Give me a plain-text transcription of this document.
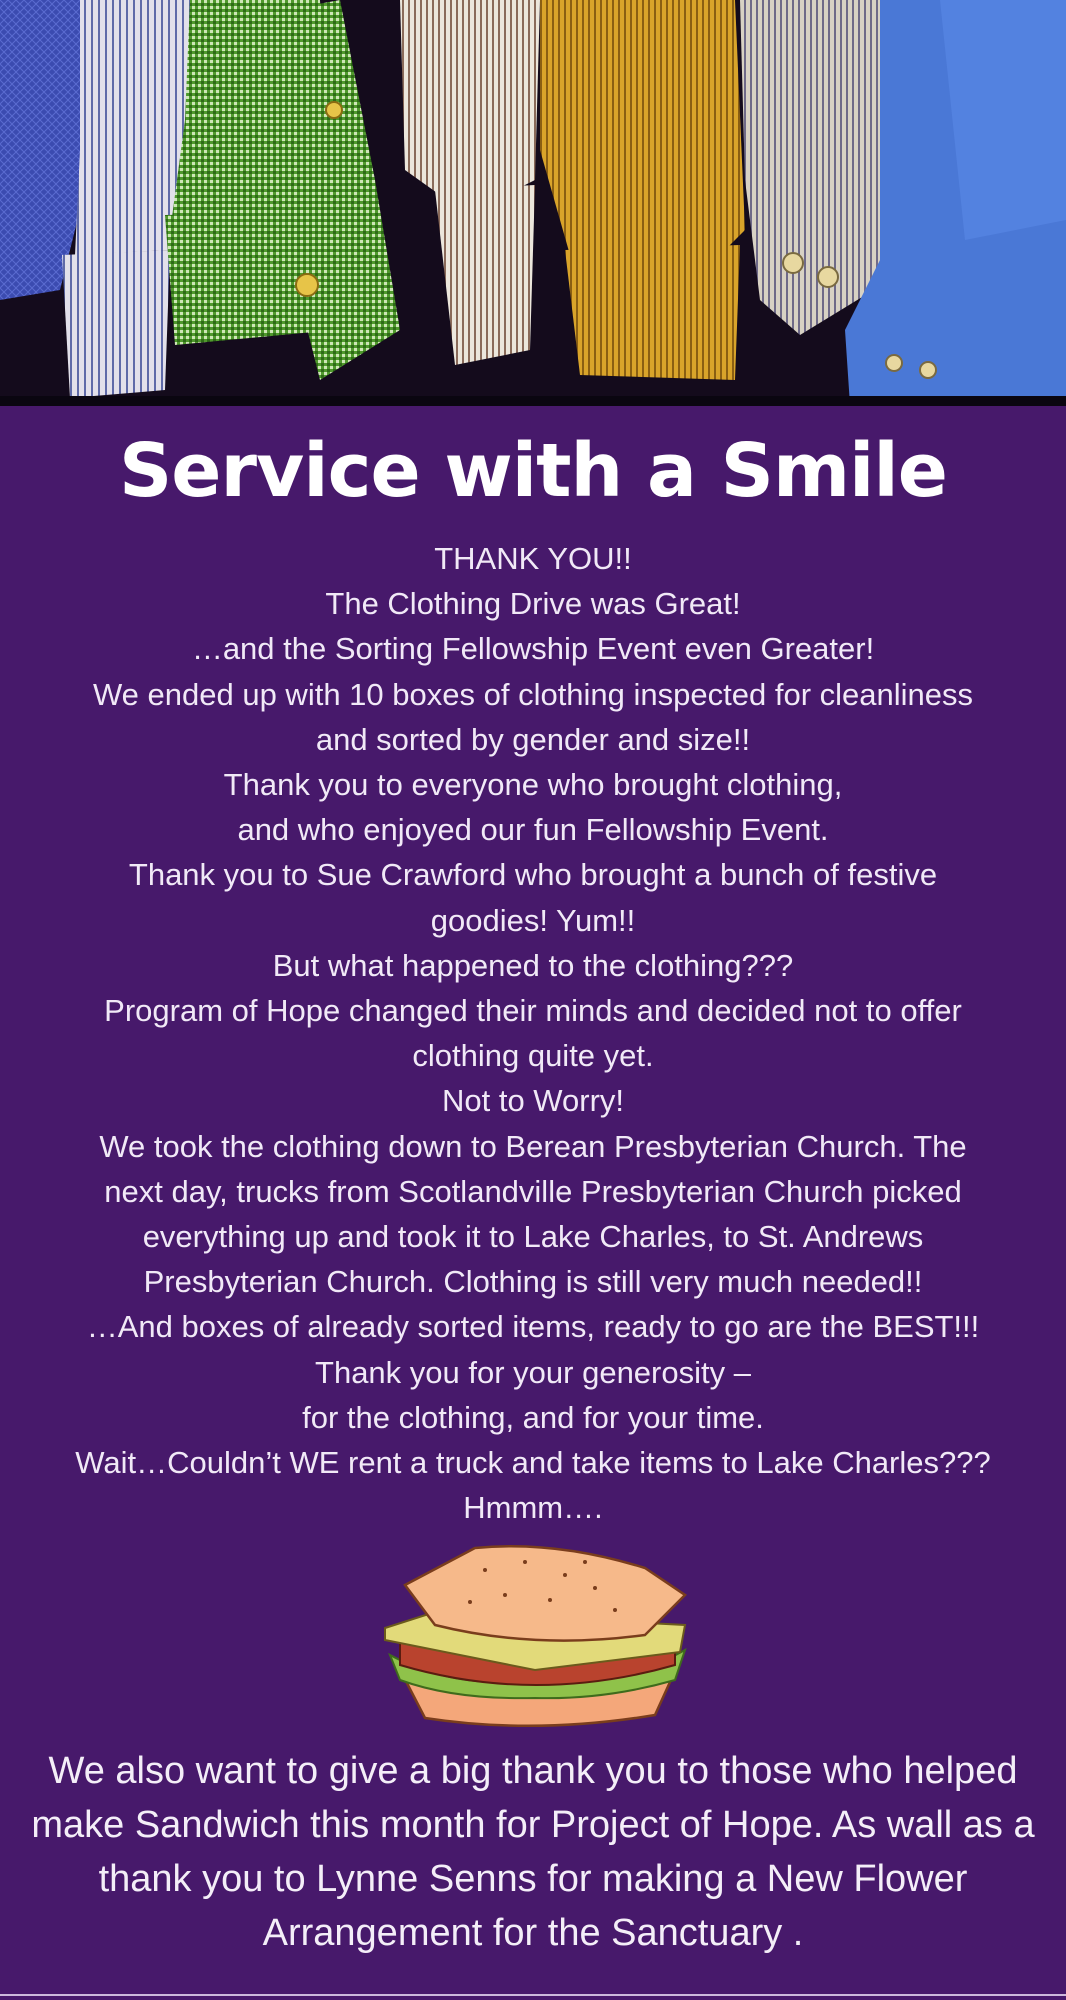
Service with a Smile
THANK YOU!!
The Clothing Drive was Great!
…and the Sorting Fellowship Event even Greater!
We ended up with 10 boxes of clothing inspected for cleanliness
and sorted by gender and size!!
Thank you to everyone who brought clothing,
and who enjoyed our fun Fellowship Event.
Thank you to Sue Crawford who brought a bunch of festive
goodies! Yum!!
But what happened to the clothing???
Program of Hope changed their minds and decided not to offer
clothing quite yet.
Not to Worry!
We took the clothing down to Berean Presbyterian Church. The
next day, trucks from Scotlandville Presbyterian Church picked
everything up and took it to Lake Charles, to St. Andrews
Presbyterian Church. Clothing is still very much needed!!
…And boxes of already sorted items, ready to go are the BEST!!!
Thank you for your generosity –
for the clothing, and for your time.
Wait…Couldn’t WE rent a truck and take items to Lake Charles???
Hmmm….
We also want to give a big thank you to those who helped
make Sandwich this month for Project of Hope. As wall as a
thank you to Lynne Senns for making a New Flower
Arrangement for the Sanctuary .
